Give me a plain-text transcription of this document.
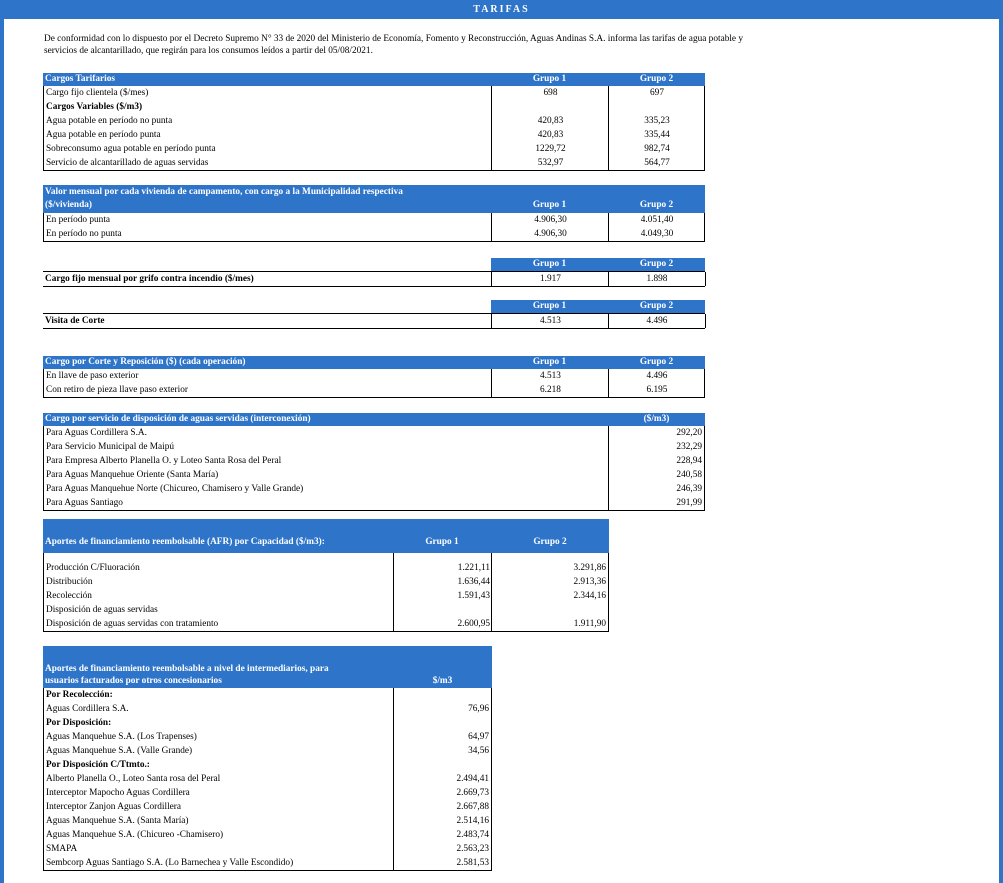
TARIFAS
De conformidad con lo dispuesto por el Decreto Supremo N° 33 de 2020 del Ministerio de Economía, Fomento y Reconstrucción, Aguas Andinas S.A. informa las tarifas de agua potable y servicios de alcantarillado, que regirán para los consumos leídos a partir del 05/08/2021.
Cargos Tarifarios	Grupo 1	Grupo 2
Cargo fijo clientela ($/mes)	698	697
Cargos Variables ($/m3)
Agua potable en período no punta	420,83	335,23
Agua potable en período punta	420,83	335,44
Sobreconsumo agua potable en período punta	1229,72	982,74
Servicio de alcantarillado de aguas servidas	532,97	564,77
Valor mensual por cada vivienda de campamento, con cargo a la Municipalidad respectiva
($/vivienda)	Grupo 1	Grupo 2
En período punta	4.906,30	4.051,40
En período no punta	4.906,30	4.049,30
Grupo 1	Grupo 2
Cargo fijo mensual por grifo contra incendio ($/mes)	1.917	1.898
Grupo 1	Grupo 2
Visita de Corte	4.513	4.496
Cargo por Corte y Reposición ($) (cada operación)	Grupo 1	Grupo 2
En llave de paso exterior	4.513	4.496
Con retiro de pieza llave paso exterior	6.218	6.195
Cargo por servicio de disposición de aguas servidas (interconexión)	($/m3)
Para Aguas Cordillera S.A.	292,20
Para Servicio Municipal de Maipú	232,29
Para Empresa Alberto Planella O. y Loteo Santa Rosa del Peral	228,94
Para Aguas Manquehue Oriente (Santa María)	240,58
Para Aguas Manquehue Norte (Chicureo, Chamisero y Valle Grande)	246,39
Para Aguas Santiago	291,99
Aportes de financiamiento reembolsable (AFR) por Capacidad ($/m3):	Grupo 1	Grupo 2
Producción C/Fluoración	1.221,11	3.291,86
Distribución	1.636,44	2.913,36
Recolección	1.591,43	2.344,16
Disposición de aguas servidas
Disposición de aguas servidas con tratamiento	2.600,95	1.911,90
Aportes de financiamiento reembolsable a nivel de intermediarios, para
usuarios facturados por otros concesionarios	$/m3
Por Recolección:
Aguas Cordillera S.A.	76,96
Por Disposición:
Aguas Manquehue S.A. (Los Trapenses)	64,97
Aguas Manquehue S.A. (Valle Grande)	34,56
Por Disposición C/Ttmto.:
Alberto Planella O., Loteo Santa rosa del Peral	2.494,41
Interceptor Mapocho Aguas Cordillera	2.669,73
Interceptor Zanjon Aguas Cordillera	2.667,88
Aguas Manquehue S.A. (Santa María)	2.514,16
Aguas Manquehue S.A. (Chicureo -Chamisero)	2.483,74
SMAPA	2.563,23
Sembcorp Aguas Santiago S.A. (Lo Barnechea y Valle Escondido)	2.581,53
